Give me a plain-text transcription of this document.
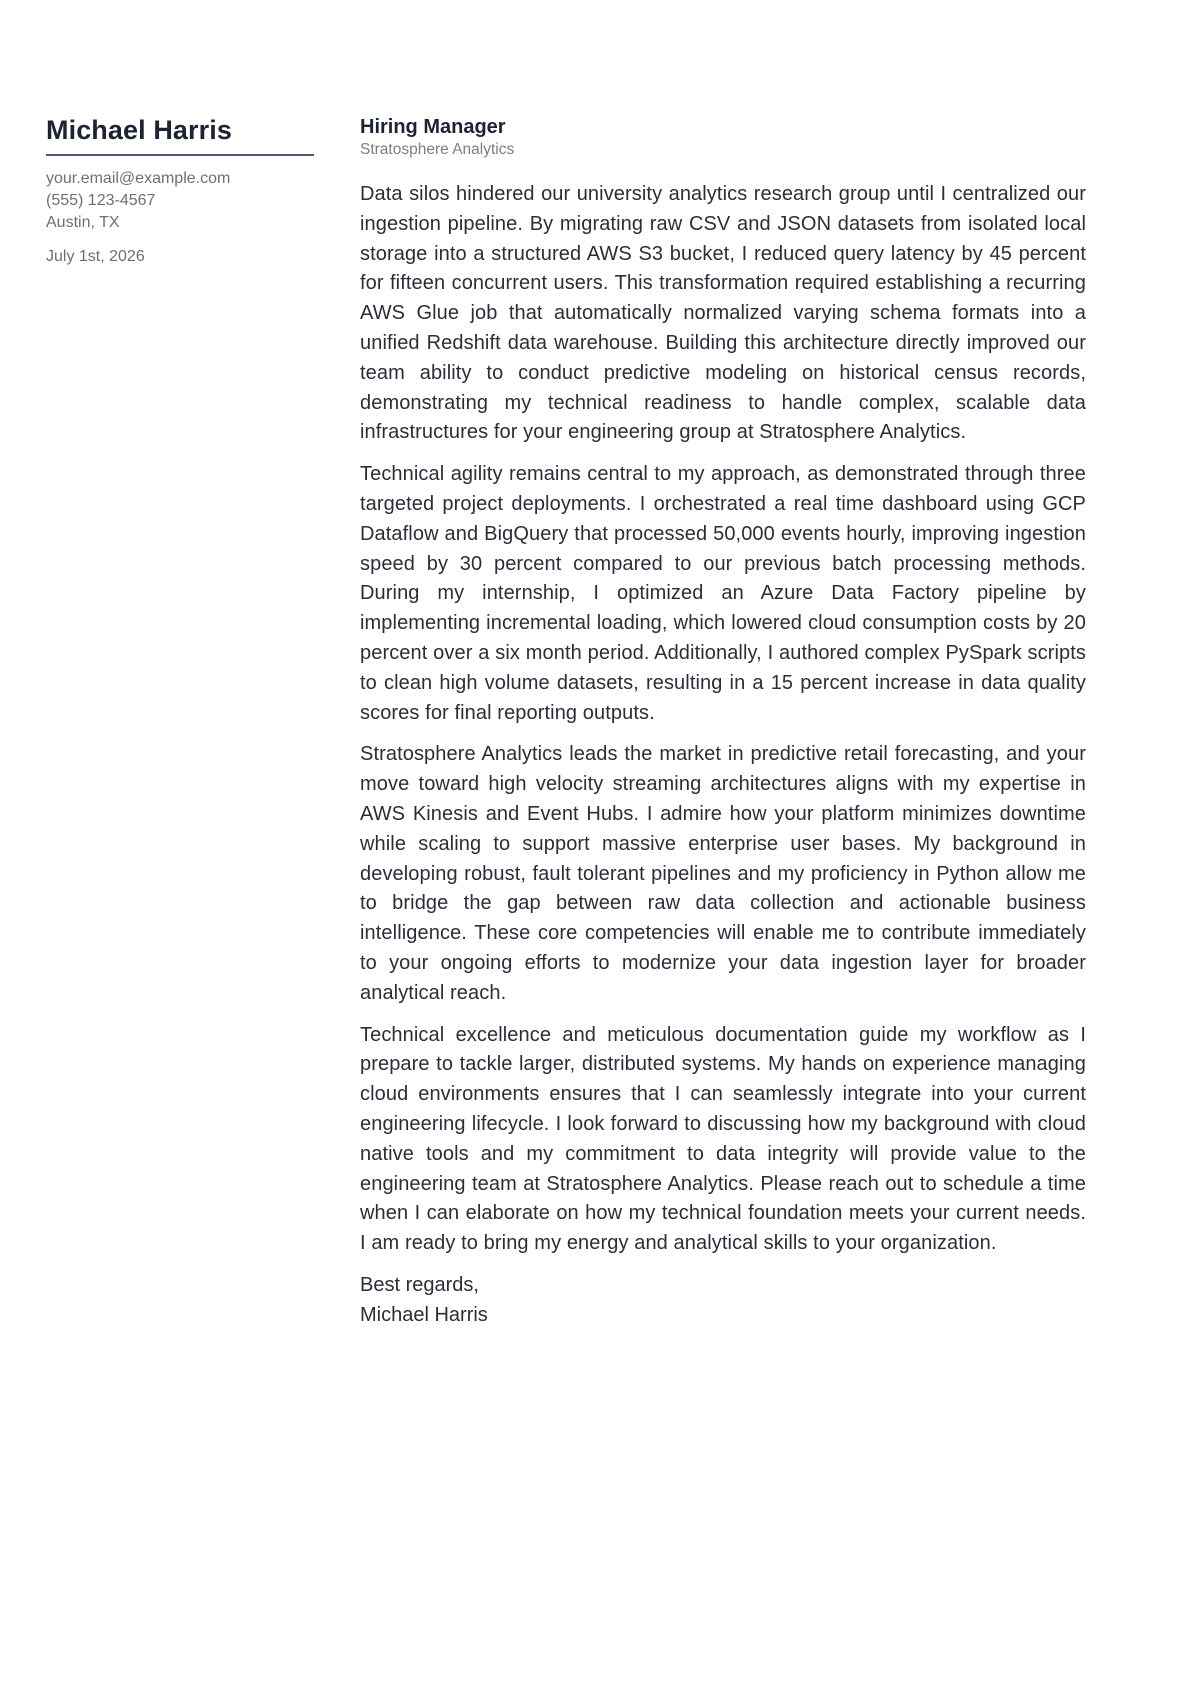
Michael Harris
your.email@example.com
(555) 123-4567
Austin, TX
July 1st, 2026
Hiring Manager
Stratosphere Analytics

Data silos hindered our university analytics research group until I centralized our ingestion pipeline. By migrating raw CSV and JSON datasets from isolated local storage into a structured AWS S3 bucket, I reduced query latency by 45 percent for fifteen concurrent users. This transformation required establishing a recurring AWS Glue job that automatically normalized varying schema formats into a unified Redshift data warehouse. Building this architecture directly improved our team ability to conduct predictive modeling on historical census records, demonstrating my technical readiness to handle complex, scalable data infrastructures for your engineering group at Stratosphere Analytics.

Technical agility remains central to my approach, as demonstrated through three targeted project deployments. I orchestrated a real time dashboard using GCP Dataflow and BigQuery that processed 50,000 events hourly, improving ingestion speed by 30 percent compared to our previous batch processing methods. During my internship, I optimized an Azure Data Factory pipeline by implementing incremental loading, which lowered cloud consumption costs by 20 percent over a six month period. Additionally, I authored complex PySpark scripts to clean high volume datasets, resulting in a 15 percent increase in data quality scores for final reporting outputs.

Stratosphere Analytics leads the market in predictive retail forecasting, and your move toward high velocity streaming architectures aligns with my expertise in AWS Kinesis and Event Hubs. I admire how your platform minimizes downtime while scaling to support massive enterprise user bases. My background in developing robust, fault tolerant pipelines and my proficiency in Python allow me to bridge the gap between raw data collection and actionable business intelligence. These core competencies will enable me to contribute immediately to your ongoing efforts to modernize your data ingestion layer for broader analytical reach.

Technical excellence and meticulous documentation guide my workflow as I prepare to tackle larger, distributed systems. My hands on experience managing cloud environments ensures that I can seamlessly integrate into your current engineering lifecycle. I look forward to discussing how my background with cloud native tools and my commitment to data integrity will provide value to the engineering team at Stratosphere Analytics. Please reach out to schedule a time when I can elaborate on how my technical foundation meets your current needs. I am ready to bring my energy and analytical skills to your organization.

Best regards,
Michael Harris
